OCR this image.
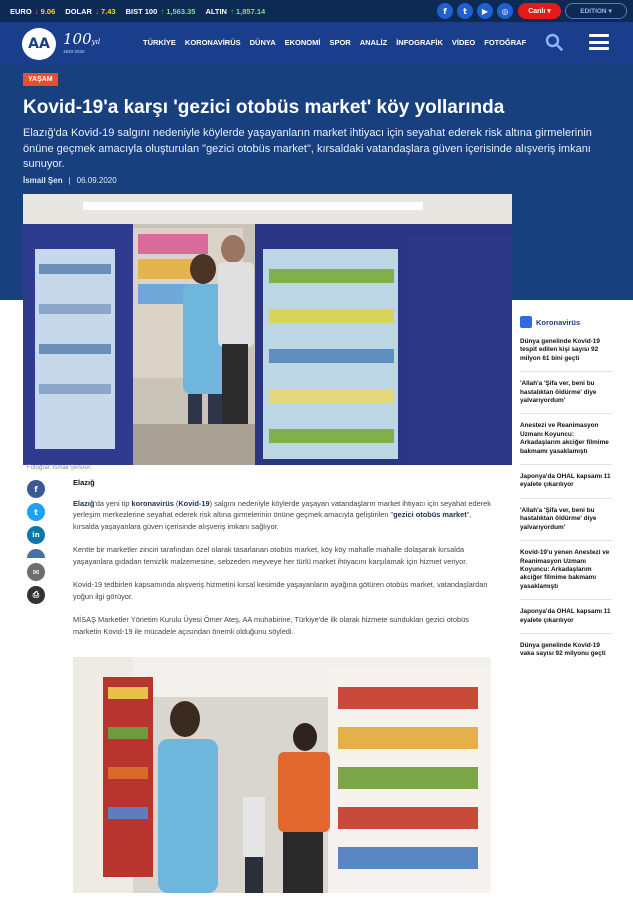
EURO ↓ 9.06 DOLAR ↓ 7.43 BIST 100 ↑ 1,563.35 ALTIN ↑ 1,857.14	f	t	▶	◎	Canlı ▾	EDITION ▾
AA 100yıl
1920-2020
TÜRKİYE KORONAVİRÜS DÜNYA EKONOMİ SPOR ANALİZ İNFOGRAFİK VİDEO FOTOĞRAF
YAŞAM
Kovid-19'a karşı 'gezici otobüs market' köy yollarında
Elazığ'da Kovid-19 salgını nedeniyle köylerde yaşayanların market ihtiyacı için seyahat ederek risk altına girmelerinin önüne geçmek amacıyla oluşturulan "gezici otobüs market", kırsaldaki vatandaşlara güven içerisinde alışveriş imkanı sunuyor.
İsmail Şen | 06.09.2020
Fotoğraf: İsmail Şen/AA
f
t
in
✉
⎙
Elazığ

Elazığ'da yeni tip koronavirüs (Kovid-19) salgını nedeniyle köylerde yaşayan vatandaşların market ihtiyacı için seyahat ederek yerleşim merkezlerine seyahat ederek risk altına girmelerinin önüne geçmek amacıyla geliştirilen "gezici otobüs market", kırsalda yaşayanlara güven içerisinde alışveriş imkanı sağlıyor.

Kentte bir marketler zinciri tarafından özel olarak tasarlanan otobüs market, köy köy mahalle mahalle dolaşarak kırsalda yaşayanlara gıdadan temizlik malzemesine, sebzeden meyveye her türlü market ihtiyacını karşılamak için hizmet veriyor.

Kovid-19 tedbirleri kapsamında alışveriş hizmetini kırsal kesimde yaşayanların ayağına götüren otobüs market, vatandaşlardan yoğun ilgi görüyor.

MİSAŞ Marketler Yönetim Kurulu Üyesi Ömer Ateş, AA muhabirine, Türkiye'de ilk olarak hizmete sundukları gezici otobüs marketin Kovid-19 ile mücadele açısından önemli olduğunu söyledi.

Koronavirüs
Dünya genelinde Kovid-19 tespit edilen kişi sayısı 92 milyon 61 bini geçti
'Allah'a 'Şifa ver, beni bu hastalıktan öldürme' diye yalvarıyordum'
Anestezi ve Reanimasyon Uzmanı Koyuncu: Arkadaşlarım akciğer filmime bakmamı yasaklamıştı
Japonya'da OHAL kapsamı 11 eyalete çıkarılıyor
'Allah'a 'Şifa ver, beni bu hastalıktan öldürme' diye yalvarıyordum'
Kovid-19'u yenen Anestezi ve Reanimasyon Uzmanı Koyuncu: Arkadaşlarım akciğer filmime bakmamı yasaklamıştı
Japonya'da OHAL kapsamı 11 eyalete çıkarılıyor
Dünya genelinde Kovid-19 vaka sayısı 92 milyonu geçti
